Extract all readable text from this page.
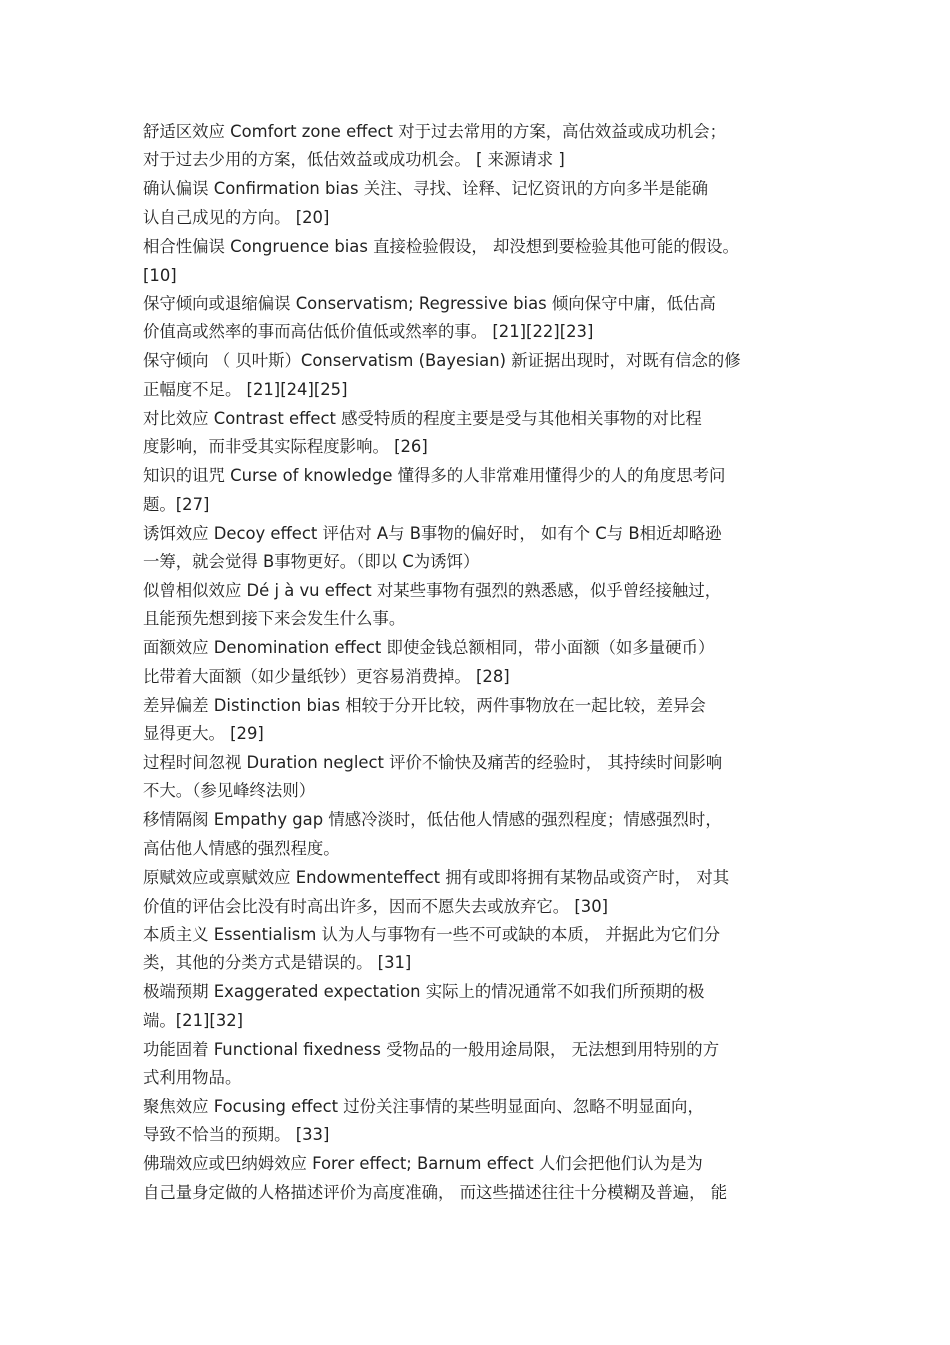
舒适区效应 Comfort zone effect 对于过去常用的方案，高估效益或成功机会；
对于过去少用的方案，低估效益或成功机会。 [ 来源请求 ]
确认偏误 Confirmation bias 关注、寻找、诠释、记忆资讯的方向多半是能确
认自己成见的方向。 [20]
相合性偏误 Congruence bias 直接检验假设， 却没想到要检验其他可能的假设。
[10]
保守倾向或退缩偏误 Conservatism; Regressive bias 倾向保守中庸，低估高
价值高或然率的事而高估低价值低或然率的事。 [21][22][23]
保守倾向 （ 贝叶斯）Conservatism (Bayesian) 新证据出现时，对既有信念的修
正幅度不足。 [21][24][25]
对比效应 Contrast effect 感受特质的程度主要是受与其他相关事物的对比程
度影响，而非受其实际程度影响。 [26]
知识的诅咒 Curse of knowledge 懂得多的人非常难用懂得少的人的角度思考问
题。[27]
诱饵效应 Decoy effect 评估对 A与 B事物的偏好时， 如有个 C与 B相近却略逊
一筹，就会觉得 B事物更好。（即以 C为诱饵）
似曾相似效应 Dé j à vu effect 对某些事物有强烈的熟悉感，似乎曾经接触过，
且能预先想到接下来会发生什么事。
面额效应 Denomination effect 即使金钱总额相同，带小面额（如多量硬币）
比带着大面额（如少量纸钞）更容易消费掉。 [28]
差异偏差 Distinction bias 相较于分开比较，两件事物放在一起比较，差异会
显得更大。 [29]
过程时间忽视 Duration neglect 评价不愉快及痛苦的经验时， 其持续时间影响
不大。（参见峰终法则）
移情隔阂 Empathy gap 情感冷淡时，低估他人情感的强烈程度；情感强烈时，
高估他人情感的强烈程度。
原赋效应或禀赋效应 Endowmenteffect 拥有或即将拥有某物品或资产时， 对其
价值的评估会比没有时高出许多，因而不愿失去或放弃它。 [30]
本质主义 Essentialism 认为人与事物有一些不可或缺的本质， 并据此为它们分
类，其他的分类方式是错误的。 [31]
极端预期 Exaggerated expectation 实际上的情况通常不如我们所预期的极
端。[21][32]
功能固着 Functional fixedness 受物品的一般用途局限， 无法想到用特别的方
式利用物品。
聚焦效应 Focusing effect 过份关注事情的某些明显面向、忽略不明显面向，
导致不恰当的预期。 [33]
佛瑞效应或巴纳姆效应 Forer effect; Barnum effect 人们会把他们认为是为
自己量身定做的人格描述评价为高度准确， 而这些描述往往十分模糊及普遍， 能
